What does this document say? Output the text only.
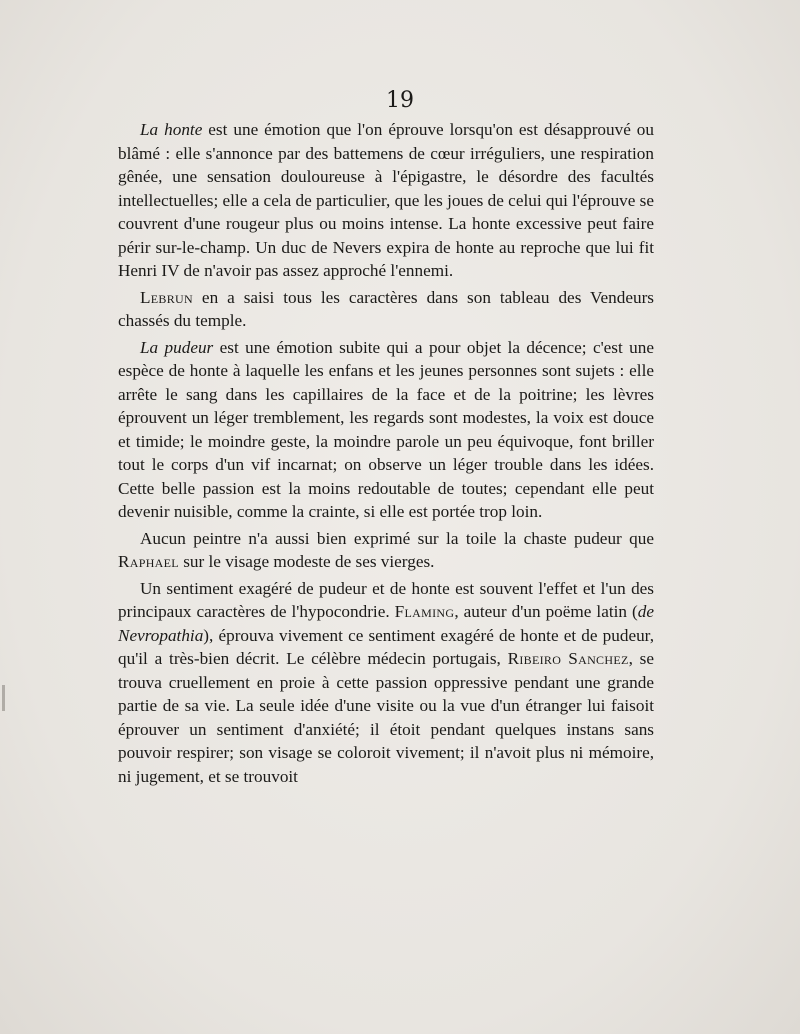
19

La honte est une émotion que l'on éprouve lorsqu'on est désapprouvé ou blâmé : elle s'annonce par des battemens de cœur irréguliers, une respiration gênée, une sensation douloureuse à l'épigastre, le désordre des facultés intellectuelles; elle a cela de particulier, que les joues de celui qui l'éprouve se couvrent d'une rougeur plus ou moins intense. La honte excessive peut faire périr sur-le-champ. Un duc de Nevers expira de honte au reproche que lui fit Henri IV de n'avoir pas assez approché l'ennemi.

Lebrun en a saisi tous les caractères dans son tableau des Vendeurs chassés du temple.

La pudeur est une émotion subite qui a pour objet la décence; c'est une espèce de honte à laquelle les enfans et les jeunes personnes sont sujets : elle arrête le sang dans les capillaires de la face et de la poitrine; les lèvres éprouvent un léger tremblement, les regards sont modestes, la voix est douce et timide; le moindre geste, la moindre parole un peu équivoque, font briller tout le corps d'un vif incarnat; on observe un léger trouble dans les idées. Cette belle passion est la moins redoutable de toutes; cependant elle peut devenir nuisible, comme la crainte, si elle est portée trop loin.

Aucun peintre n'a aussi bien exprimé sur la toile la chaste pudeur que Raphael sur le visage modeste de ses vierges.

Un sentiment exagéré de pudeur et de honte est souvent l'effet et l'un des principaux caractères de l'hypocondrie. Flaming, auteur d'un poëme latin (de Nevropathia), éprouva vivement ce sentiment exagéré de honte et de pudeur, qu'il a très-bien décrit. Le célèbre médecin portugais, Ribeiro Sanchez, se trouva cruellement en proie à cette passion oppressive pendant une grande partie de sa vie. La seule idée d'une visite ou la vue d'un étranger lui faisoit éprouver un sentiment d'anxiété; il étoit pendant quelques instans sans pouvoir respirer; son visage se coloroit vivement; il n'avoit plus ni mémoire, ni jugement, et se trouvoit
